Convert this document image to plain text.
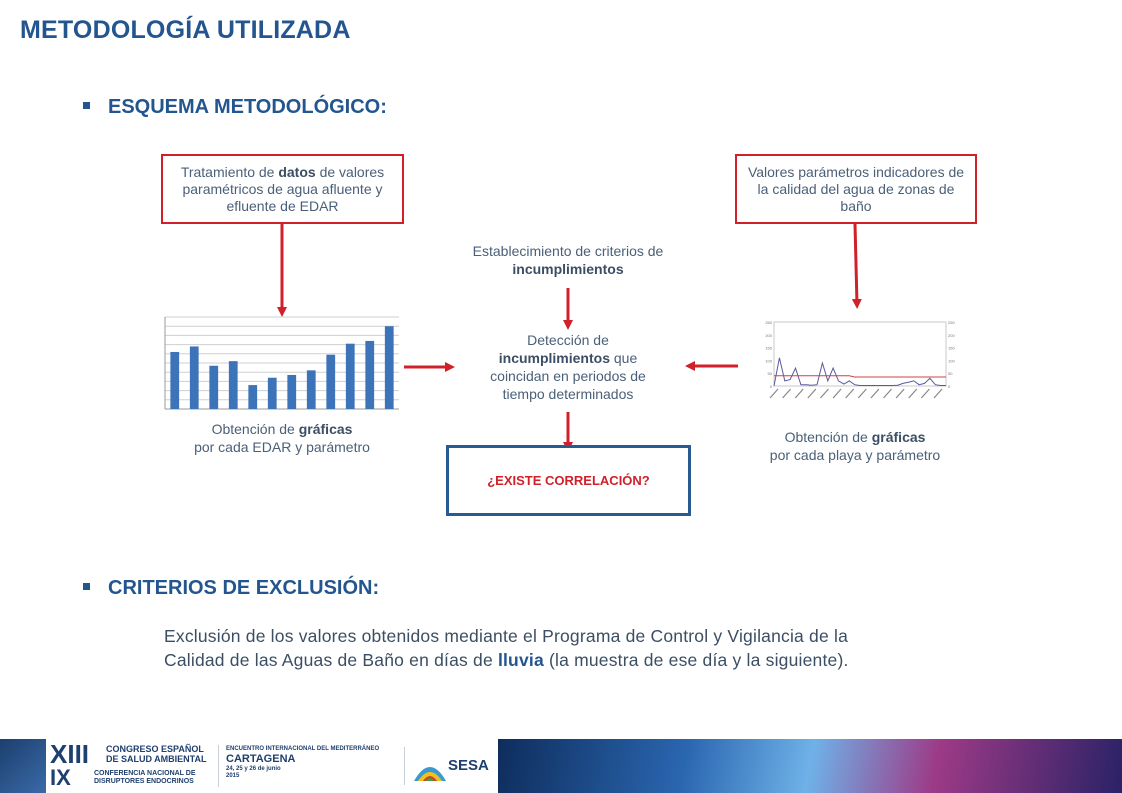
METODOLOGÍA UTILIZADA
ESQUEMA METODOLÓGICO:
Tratamiento de datos de valores paramétricos de agua afluente y efluente de EDAR
Valores parámetros indicadores de la calidad del agua de zonas de baño
Establecimiento de criterios de
incumplimientos
Detección de
incumplimientos que coincidan en periodos de tiempo determinados	0	0
50	50
100	100
150	150
200	200
250	250
Obtención de gráficas
por cada EDAR y parámetro
Obtención de gráficas
por cada playa y parámetro
¿EXISTE CORRELACIÓN?
CRITERIOS DE EXCLUSIÓN:
Exclusión de los valores obtenidos mediante el Programa de Control y Vigilancia de la
Calidad de las Aguas de Baño en días de lluvia (la muestra de ese día y la siguiente).
XIII
IX
CONGRESO ESPAÑOL
DE SALUD AMBIENTAL
CONFERENCIA NACIONAL DE
DISRUPTORES ENDOCRINOS
ENCUENTRO INTERNACIONAL DEL MEDITERRÁNEO
CARTAGENA
24, 25 y 26 de junio
2015
SESA
